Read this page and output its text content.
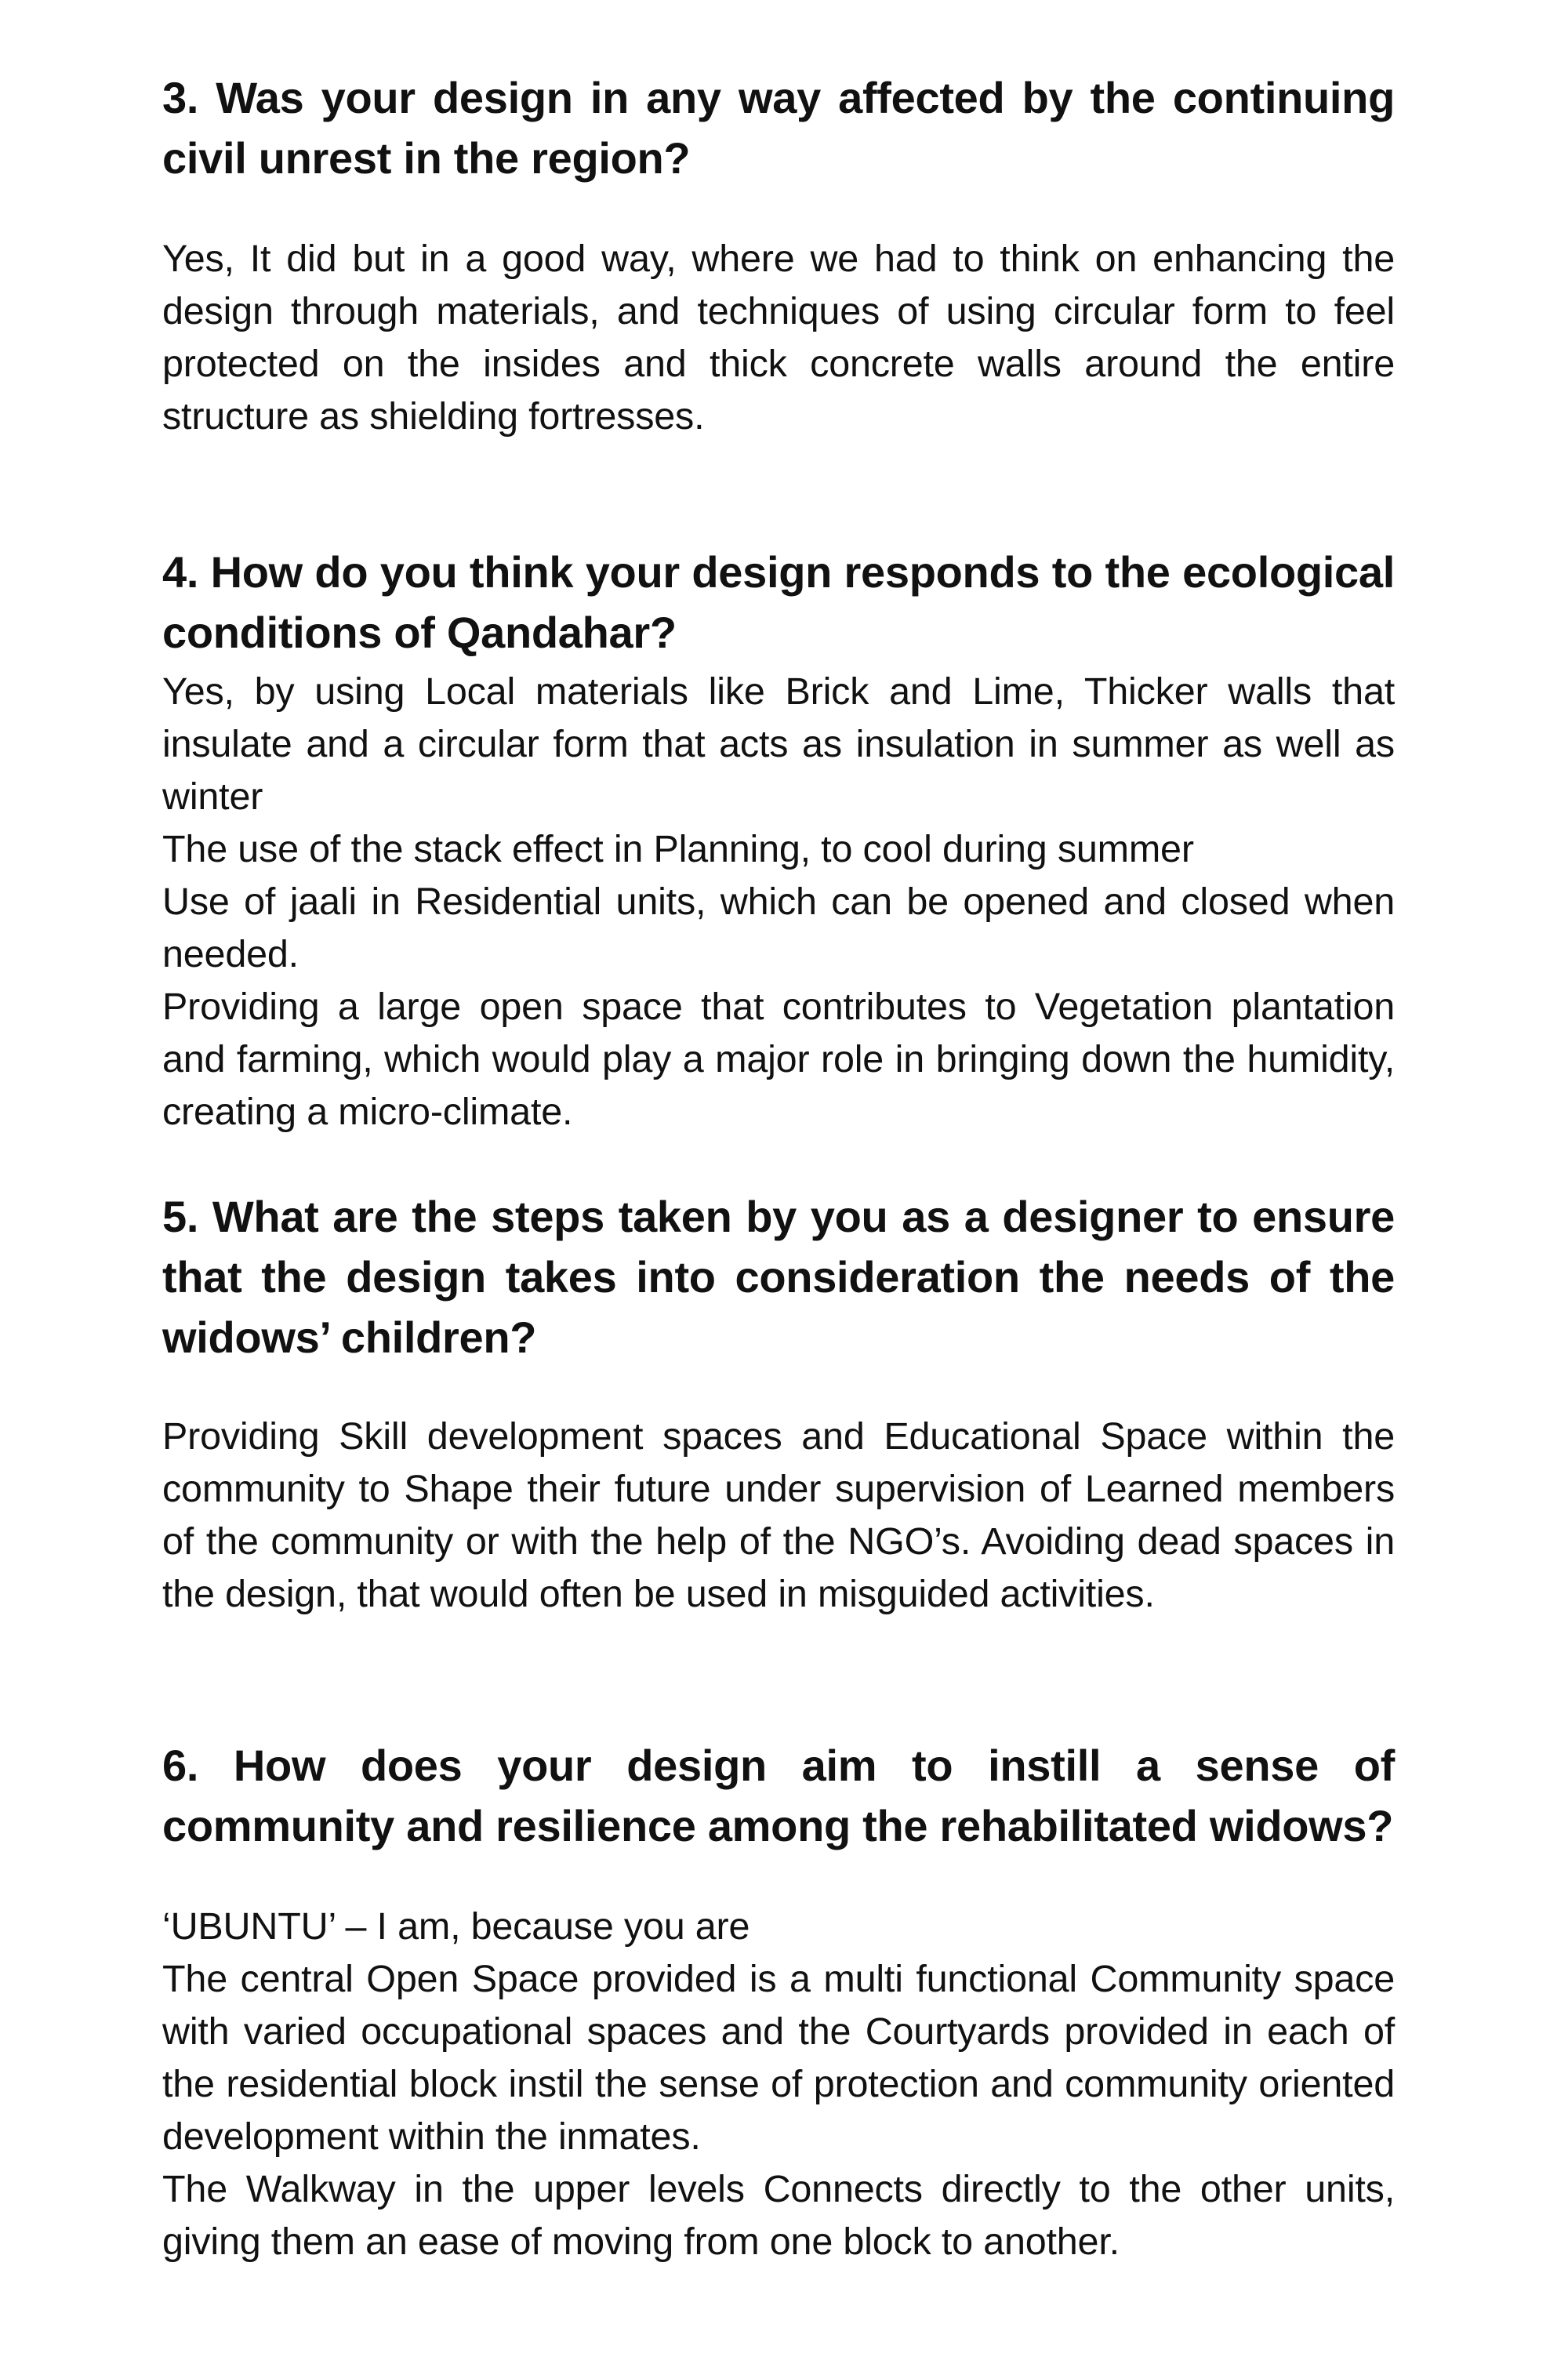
3. Was your design in any way affected by the continuing civil unrest in the region?

Yes, It did but in a good way, where we had to think on enhancing the design through materials, and techniques of using circular form to feel protected on the insides and thick concrete walls around the entire structure as shielding fortresses.

4. How do you think your design responds to the ecological conditions of Qandahar?

Yes, by using Local materials like Brick and Lime, Thicker walls that insulate and a circular form that acts as insulation in summer as well as winter

The use of the stack effect in Planning, to cool during summer

Use of jaali in Residential units, which can be opened and closed when needed.

Providing a large open space that contributes to Vegetation plantation and farming, which would play a major role in bringing down the humidity, creating a micro-climate.

5. What are the steps taken by you as a designer to ensure that the design takes into consideration the needs of the widows’ children?

Providing Skill development spaces and Educational Space within the community to Shape their future under supervision of Learned members of the community or with the help of the NGO’s. Avoiding dead spaces in the design, that would often be used in misguided activities.

6. How does your design aim to instill a sense of community and resilience among the rehabilitated widows?

‘UBUNTU’ – I am, because you are

The central Open Space provided is a multi functional Community space with varied occupational spaces and the Courtyards provided in each of the residential block instil the sense of protection and community oriented development within the inmates.

The Walkway in the upper levels Connects directly to the other units, giving them an ease of moving from one block to another.
